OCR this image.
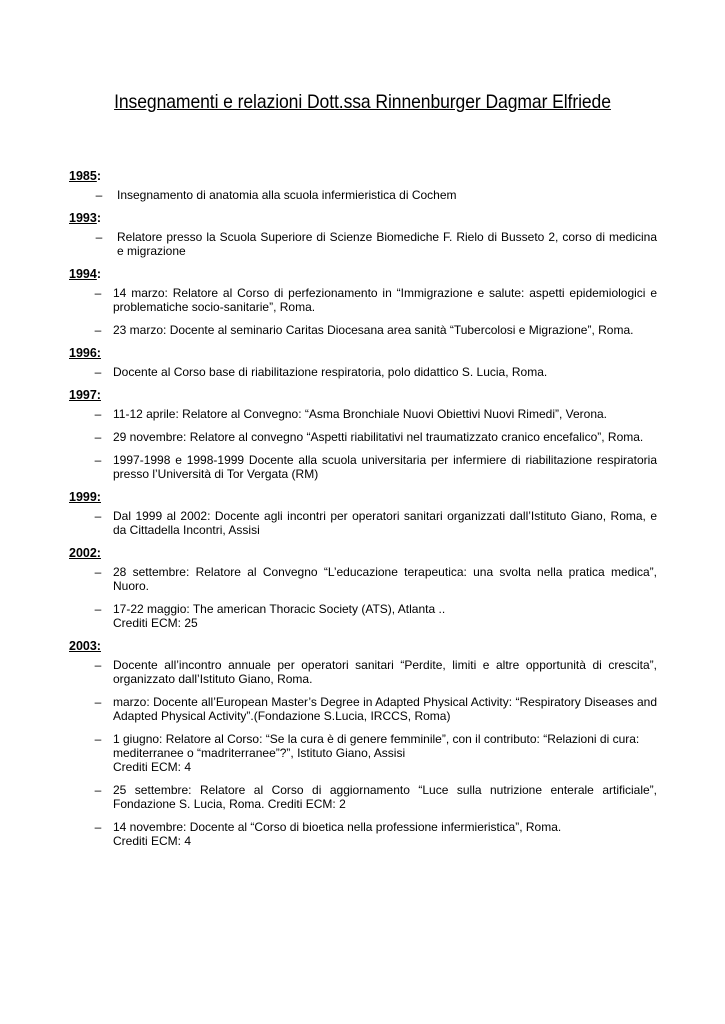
Insegnamenti e relazioni Dott.ssa Rinnenburger Dagmar Elfriede
1985:
– Insegnamento di anatomia alla scuola infermieristica di Cochem
1993:
– Relatore presso la Scuola Superiore di Scienze Biomediche F. Rielo di Busseto 2, corso di medicina e migrazione
1994:
– 14 marzo: Relatore al Corso di perfezionamento in “Immigrazione e salute: aspetti epidemiologici e problematiche socio-sanitarie”, Roma.
– 23 marzo: Docente al seminario Caritas Diocesana area sanità “Tubercolosi e Migrazione”, Roma.
1996:
– Docente al Corso base di riabilitazione respiratoria, polo didattico S. Lucia, Roma.
1997:
– 11-12 aprile: Relatore al Convegno: “Asma Bronchiale Nuovi Obiettivi Nuovi Rimedi”, Verona.
– 29 novembre: Relatore al convegno “Aspetti riabilitativi nel traumatizzato cranico encefalico”, Roma.
– 1997-1998 e 1998-1999 Docente alla scuola universitaria per infermiere di riabilitazione respiratoria presso l’Università di Tor Vergata (RM)
1999:
– Dal 1999 al 2002: Docente agli incontri per operatori sanitari organizzati dall’Istituto Giano, Roma, e da Cittadella Incontri, Assisi
2002:
– 28 settembre: Relatore al Convegno “L’educazione terapeutica: una svolta nella pratica medica”, Nuoro.
– 17-22 maggio: The american Thoracic Society (ATS), Atlanta ..
Crediti ECM: 25
2003:
– Docente all’incontro annuale per operatori sanitari “Perdite, limiti e altre opportunità di crescita”, organizzato dall’Istituto Giano, Roma.
– marzo: Docente all’European Master’s Degree in Adapted Physical Activity: “Respiratory Diseases and Adapted Physical Activity”.(Fondazione S.Lucia, IRCCS, Roma)
– 1 giugno: Relatore al Corso: “Se la cura è di genere femminile”, con il contributo: “Relazioni di cura:
mediterranee o “madriterranee”?”, Istituto Giano, Assisi
Crediti ECM: 4
– 25 settembre: Relatore al Corso di aggiornamento “Luce sulla nutrizione enterale artificiale”, Fondazione S. Lucia, Roma. Crediti ECM: 2
– 14 novembre: Docente al “Corso di bioetica nella professione infermieristica”, Roma.
Crediti ECM: 4
